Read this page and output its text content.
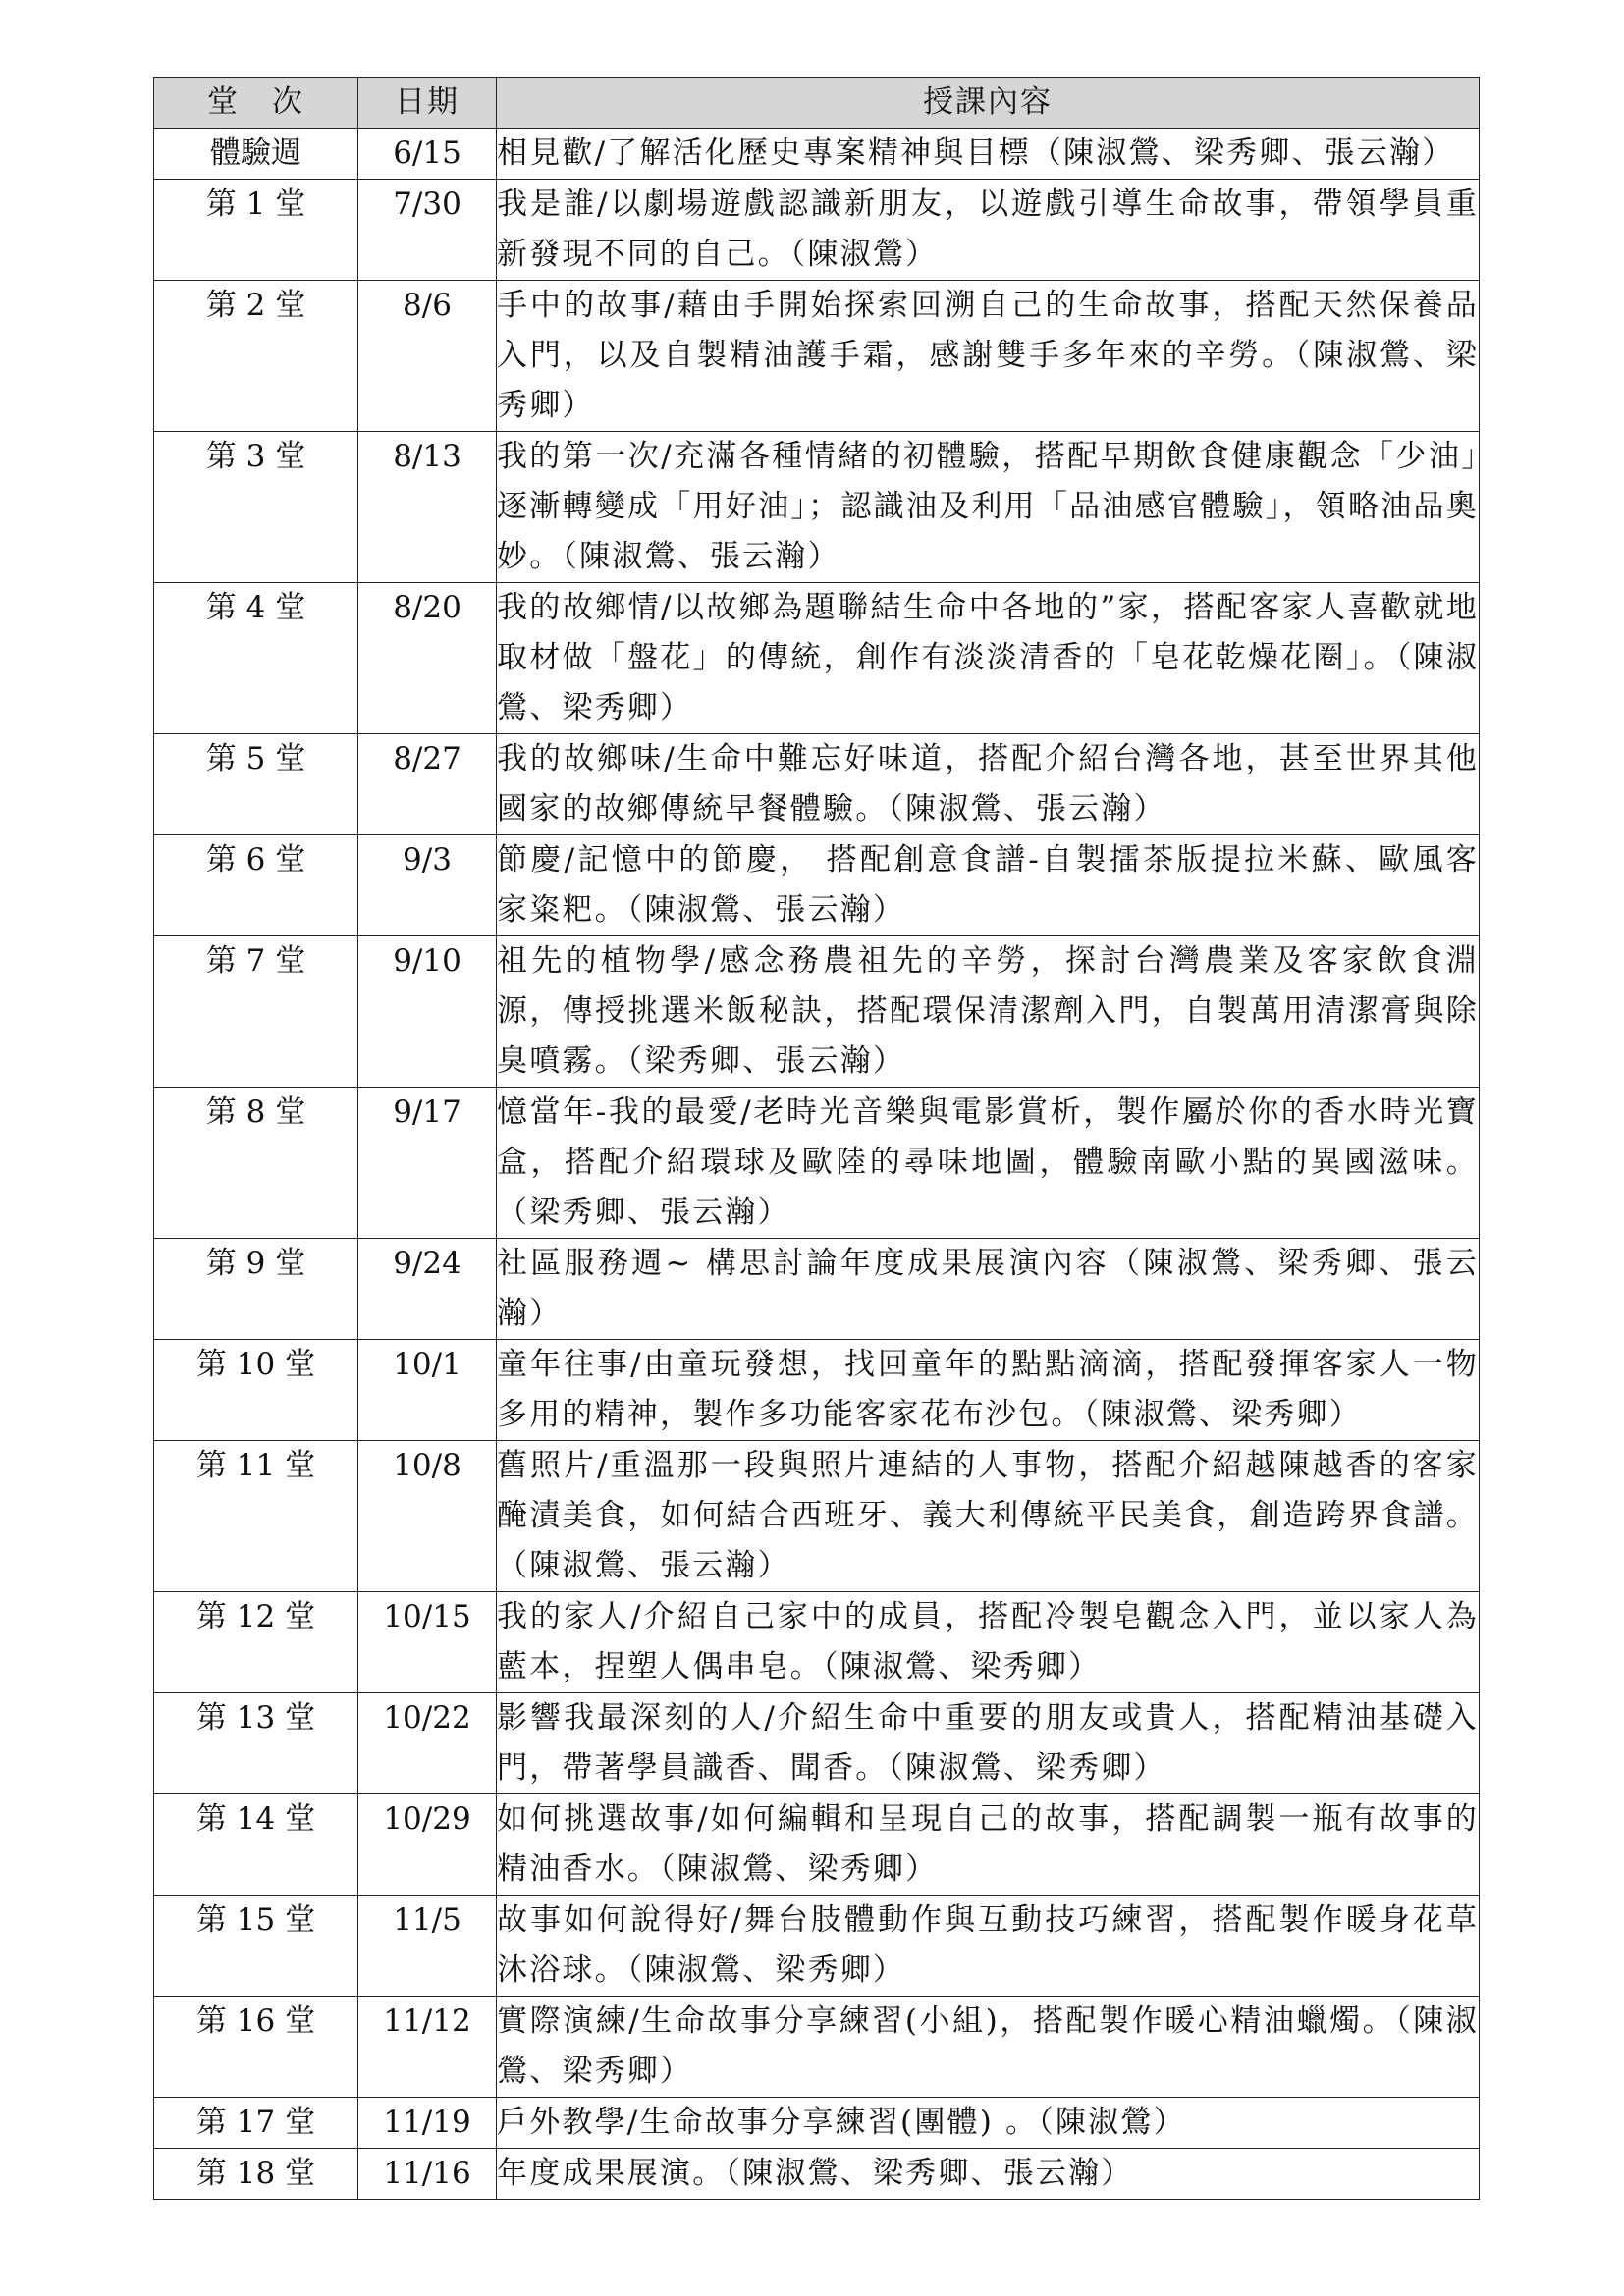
堂　次	日期	授課內容
體驗週	6/15	相見歡/了解活化歷史專案精神與目標（陳淑鶯、梁秀卿、張云瀚）
第 1 堂	7/30	我是誰/以劇場遊戲認識新朋友，以遊戲引導生命故事，帶領學員重新發現不同的自己。（陳淑鶯）
第 2 堂	8/6	手中的故事/藉由手開始探索回溯自己的生命故事，搭配天然保養品入門，以及自製精油護手霜，感謝雙手多年來的辛勞。（陳淑鶯、梁秀卿）
第 3 堂	8/13	我的第一次/充滿各種情緒的初體驗，搭配早期飲食健康觀念「少油」逐漸轉變成「用好油」；認識油及利用「品油感官體驗」，領略油品奧妙。（陳淑鶯、張云瀚）
第 4 堂	8/20	我的故鄉情/以故鄉為題聯結生命中各地的”家，搭配客家人喜歡就地取材做「盤花」的傳統，創作有淡淡清香的「皂花乾燥花圈」。（陳淑鶯、梁秀卿）
第 5 堂	8/27	我的故鄉味/生命中難忘好味道，搭配介紹台灣各地，甚至世界其他國家的故鄉傳統早餐體驗。（陳淑鶯、張云瀚）
第 6 堂	9/3	節慶/記憶中的節慶， 搭配創意食譜-自製擂茶版提拉米蘇、歐風客家粢粑。（陳淑鶯、張云瀚）
第 7 堂	9/10	祖先的植物學/感念務農祖先的辛勞，探討台灣農業及客家飲食淵源，傳授挑選米飯秘訣，搭配環保清潔劑入門，自製萬用清潔膏與除臭噴霧。（梁秀卿、張云瀚）
第 8 堂	9/17	憶當年-我的最愛/老時光音樂與電影賞析，製作屬於你的香水時光寶盒，搭配介紹環球及歐陸的尋味地圖，體驗南歐小點的異國滋味。（梁秀卿、張云瀚）
第 9 堂	9/24	社區服務週~ 構思討論年度成果展演內容（陳淑鶯、梁秀卿、張云瀚）
第 10 堂	10/1	童年往事/由童玩發想，找回童年的點點滴滴，搭配發揮客家人一物多用的精神，製作多功能客家花布沙包。（陳淑鶯、梁秀卿）
第 11 堂	10/8	舊照片/重溫那一段與照片連結的人事物，搭配介紹越陳越香的客家醃漬美食，如何結合西班牙、義大利傳統平民美食，創造跨界食譜。（陳淑鶯、張云瀚）
第 12 堂	10/15	我的家人/介紹自己家中的成員，搭配冷製皂觀念入門，並以家人為藍本，捏塑人偶串皂。（陳淑鶯、梁秀卿）
第 13 堂	10/22	影響我最深刻的人/介紹生命中重要的朋友或貴人，搭配精油基礎入門，帶著學員識香、聞香。（陳淑鶯、梁秀卿）
第 14 堂	10/29	如何挑選故事/如何編輯和呈現自己的故事，搭配調製一瓶有故事的精油香水。（陳淑鶯、梁秀卿）
第 15 堂	11/5	故事如何說得好/舞台肢體動作與互動技巧練習，搭配製作暖身花草沐浴球。（陳淑鶯、梁秀卿）
第 16 堂	11/12	實際演練/生命故事分享練習(小組)，搭配製作暖心精油蠟燭。（陳淑鶯、梁秀卿）
第 17 堂	11/19	戶外教學/生命故事分享練習(團體) 。（陳淑鶯）
第 18 堂	11/16	年度成果展演。（陳淑鶯、梁秀卿、張云瀚）
